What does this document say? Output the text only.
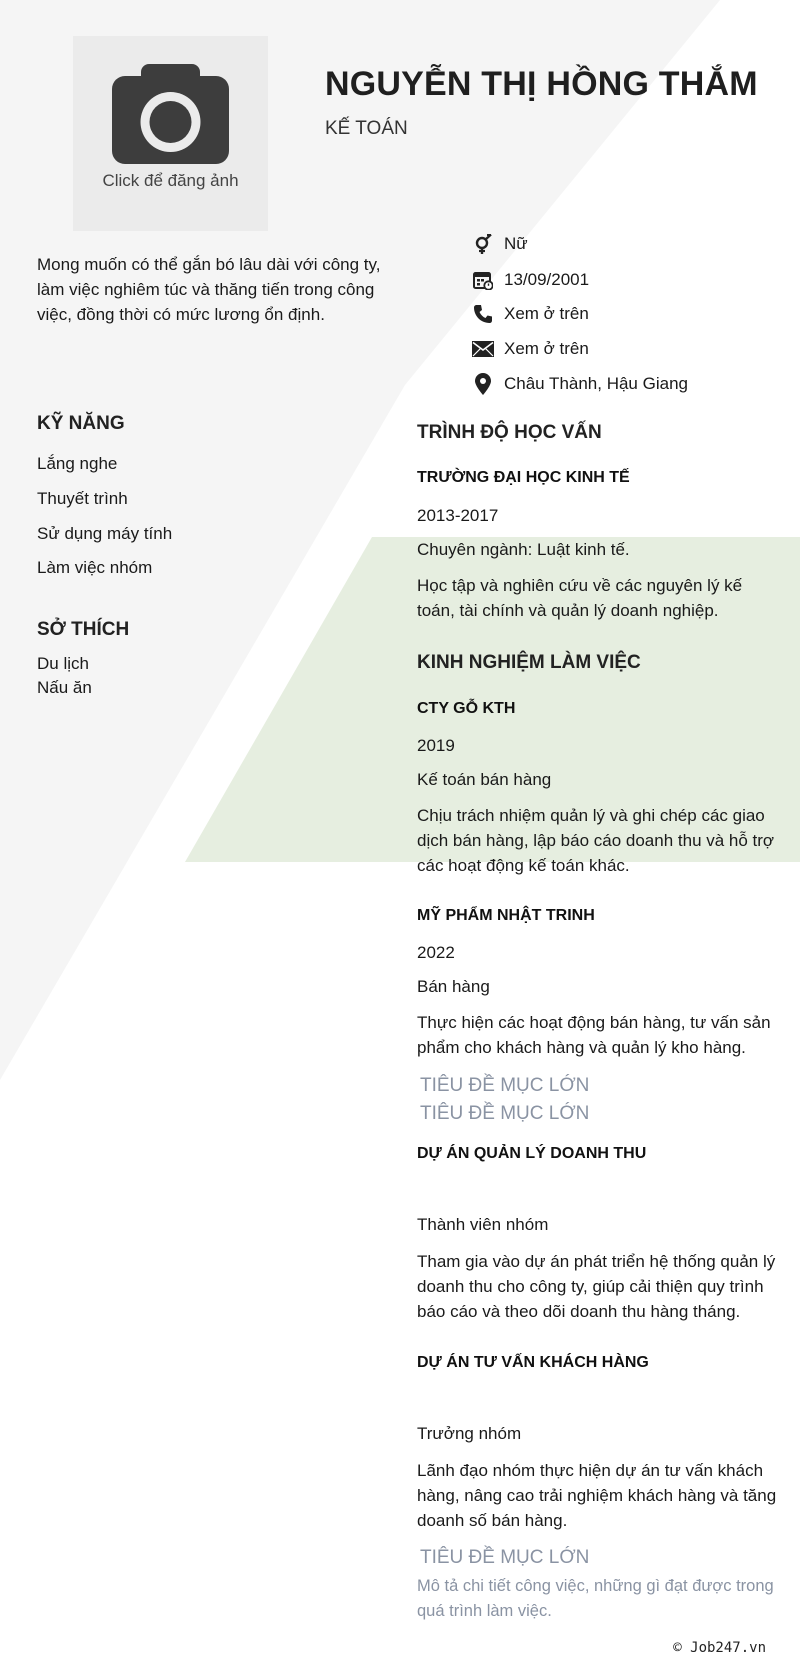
Click để đăng ảnh
NGUYỄN THỊ HỒNG THẮM
KẾ TOÁN
Mong muốn có thể gắn bó lâu dài với công ty, làm việc nghiêm túc và thăng tiến trong công việc, đồng thời có mức lương ổn định.
Nữ
13/09/2001
Xem ở trên
Xem ở trên
Châu Thành, Hậu Giang
KỸ NĂNG
Lắng nghe
Thuyết trình
Sử dụng máy tính
Làm việc nhóm
SỞ THÍCH
Du lịch
Nấu ăn
TRÌNH ĐỘ HỌC VẤN
TRƯỜNG ĐẠI HỌC KINH TẾ
2013-2017
Chuyên ngành: Luật kinh tế.
Học tập và nghiên cứu về các nguyên lý kế toán, tài chính và quản lý doanh nghiệp.
KINH NGHIỆM LÀM VIỆC
CTY GỖ KTH
2019
Kế toán bán hàng
Chịu trách nhiệm quản lý và ghi chép các giao dịch bán hàng, lập báo cáo doanh thu và hỗ trợ các hoạt động kế toán khác.
MỸ PHẨM NHẬT TRINH
2022
Bán hàng
Thực hiện các hoạt động bán hàng, tư vấn sản phẩm cho khách hàng và quản lý kho hàng.
TIÊU ĐỀ MỤC LỚN
TIÊU ĐỀ MỤC LỚN
DỰ ÁN QUẢN LÝ DOANH THU
Thành viên nhóm
Tham gia vào dự án phát triển hệ thống quản lý doanh thu cho công ty, giúp cải thiện quy trình báo cáo và theo dõi doanh thu hàng tháng.
DỰ ÁN TƯ VẤN KHÁCH HÀNG
Trưởng nhóm
Lãnh đạo nhóm thực hiện dự án tư vấn khách hàng, nâng cao trải nghiệm khách hàng và tăng doanh số bán hàng.
TIÊU ĐỀ MỤC LỚN
Mô tả chi tiết công việc, những gì đạt được trong quá trình làm việc.
© Job247.vn
